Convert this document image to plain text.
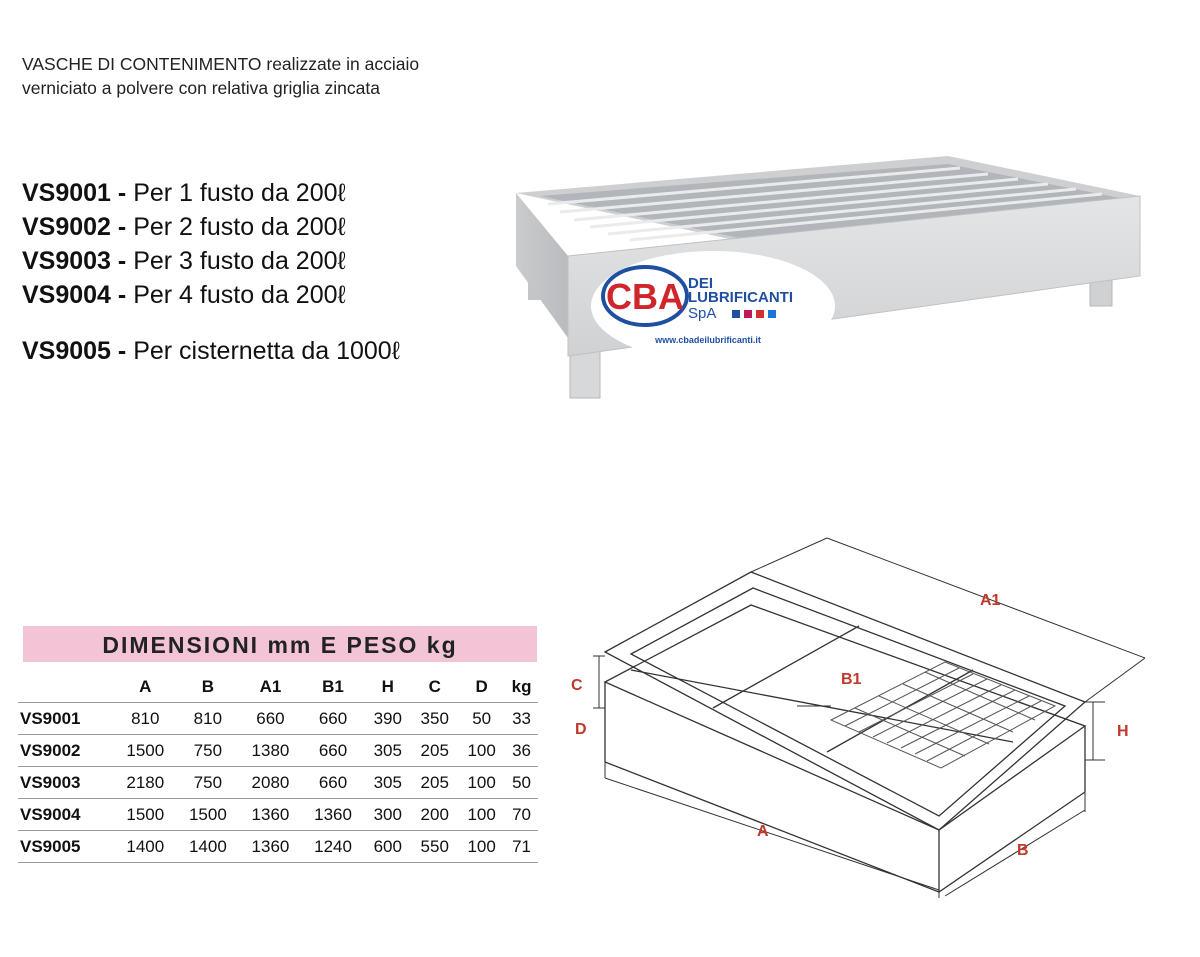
VASCHE DI CONTENIMENTO realizzate in acciaio
verniciato a polvere con relativa griglia zincata
VS9001 - Per 1 fusto da 200ℓ
VS9002 - Per 2 fusto da 200ℓ
VS9003 - Per 3 fusto da 200ℓ
VS9004 - Per 4 fusto da 200ℓ
VS9005 - Per cisternetta da 1000ℓ
CBA DEI
LUBRIFICANTI
SpA
www.cbadeilubrificanti.it
DIMENSIONI mm E PESO kg
	A	B	A1	B1	H	C	D	kg
VS9001	810	810	660	660	390	350	50	33
VS9002	1500	750	1380	660	305	205	100	36
VS9003	2180	750	2080	660	305	205	100	50
VS9004	1500	1500	1360	1360	300	200	100	70
VS9005	1400	1400	1360	1240	600	550	100	71
A1
B1
C
D	H
A
B
